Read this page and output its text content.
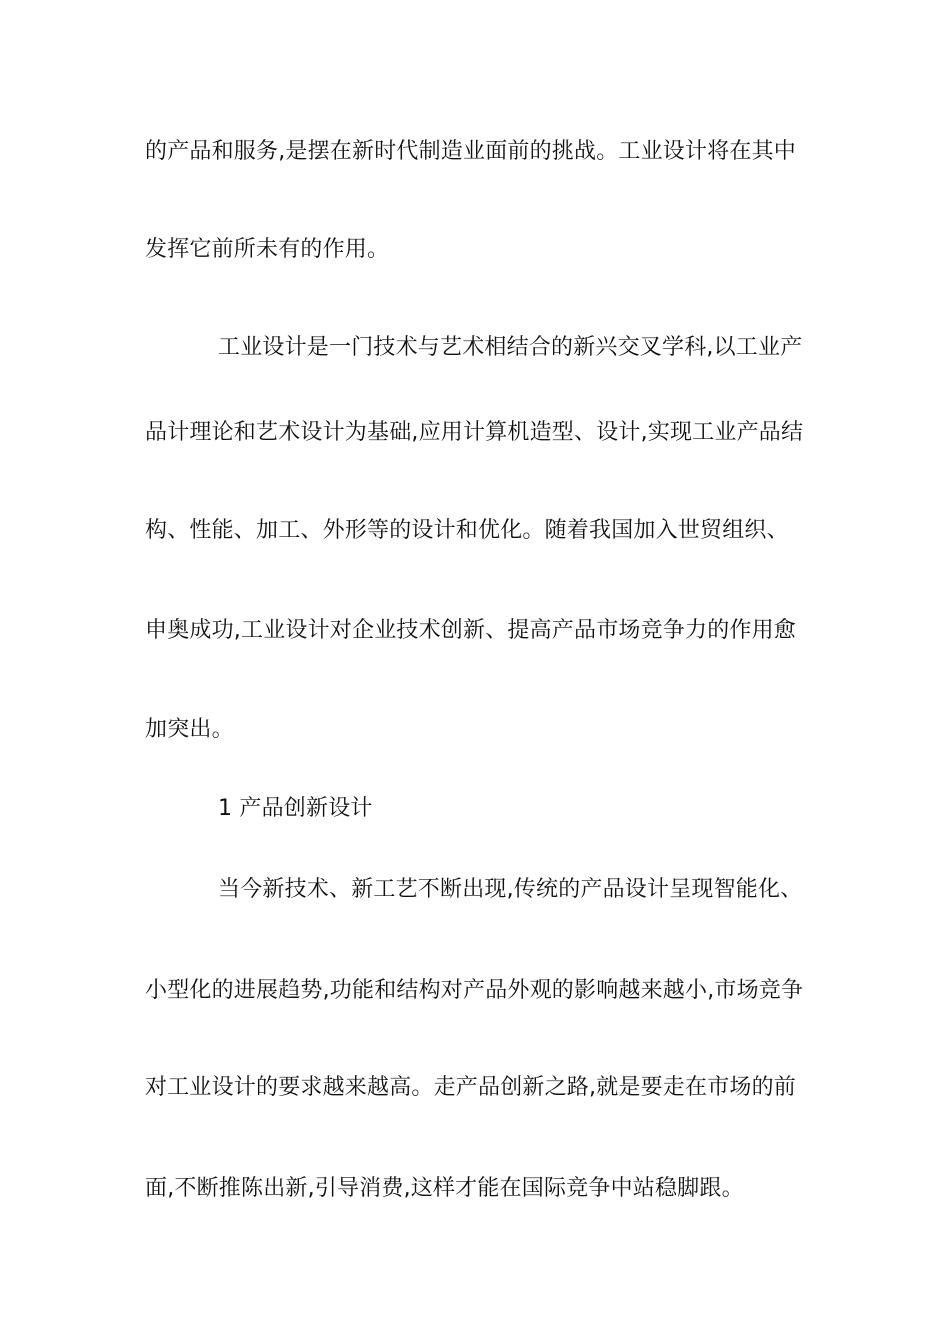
的产品和服务,是摆在新时代制造业面前的挑战。工业设计将在其中
发挥它前所未有的作用。
工业设计是一门技术与艺术相结合的新兴交叉学科,以工业产
品计理论和艺术设计为基础,应用计算机造型、设计,实现工业产品结
构、性能、加工、外形等的设计和优化。随着我国加入世贸组织、
申奥成功,工业设计对企业技术创新、提高产品市场竞争力的作用愈
加突出。
1 产品创新设计
当今新技术、新工艺不断出现,传统的产品设计呈现智能化、
小型化的进展趋势,功能和结构对产品外观的影响越来越小,市场竞争
对工业设计的要求越来越高。走产品创新之路,就是要走在市场的前
面,不断推陈出新,引导消费,这样才能在国际竞争中站稳脚跟。
